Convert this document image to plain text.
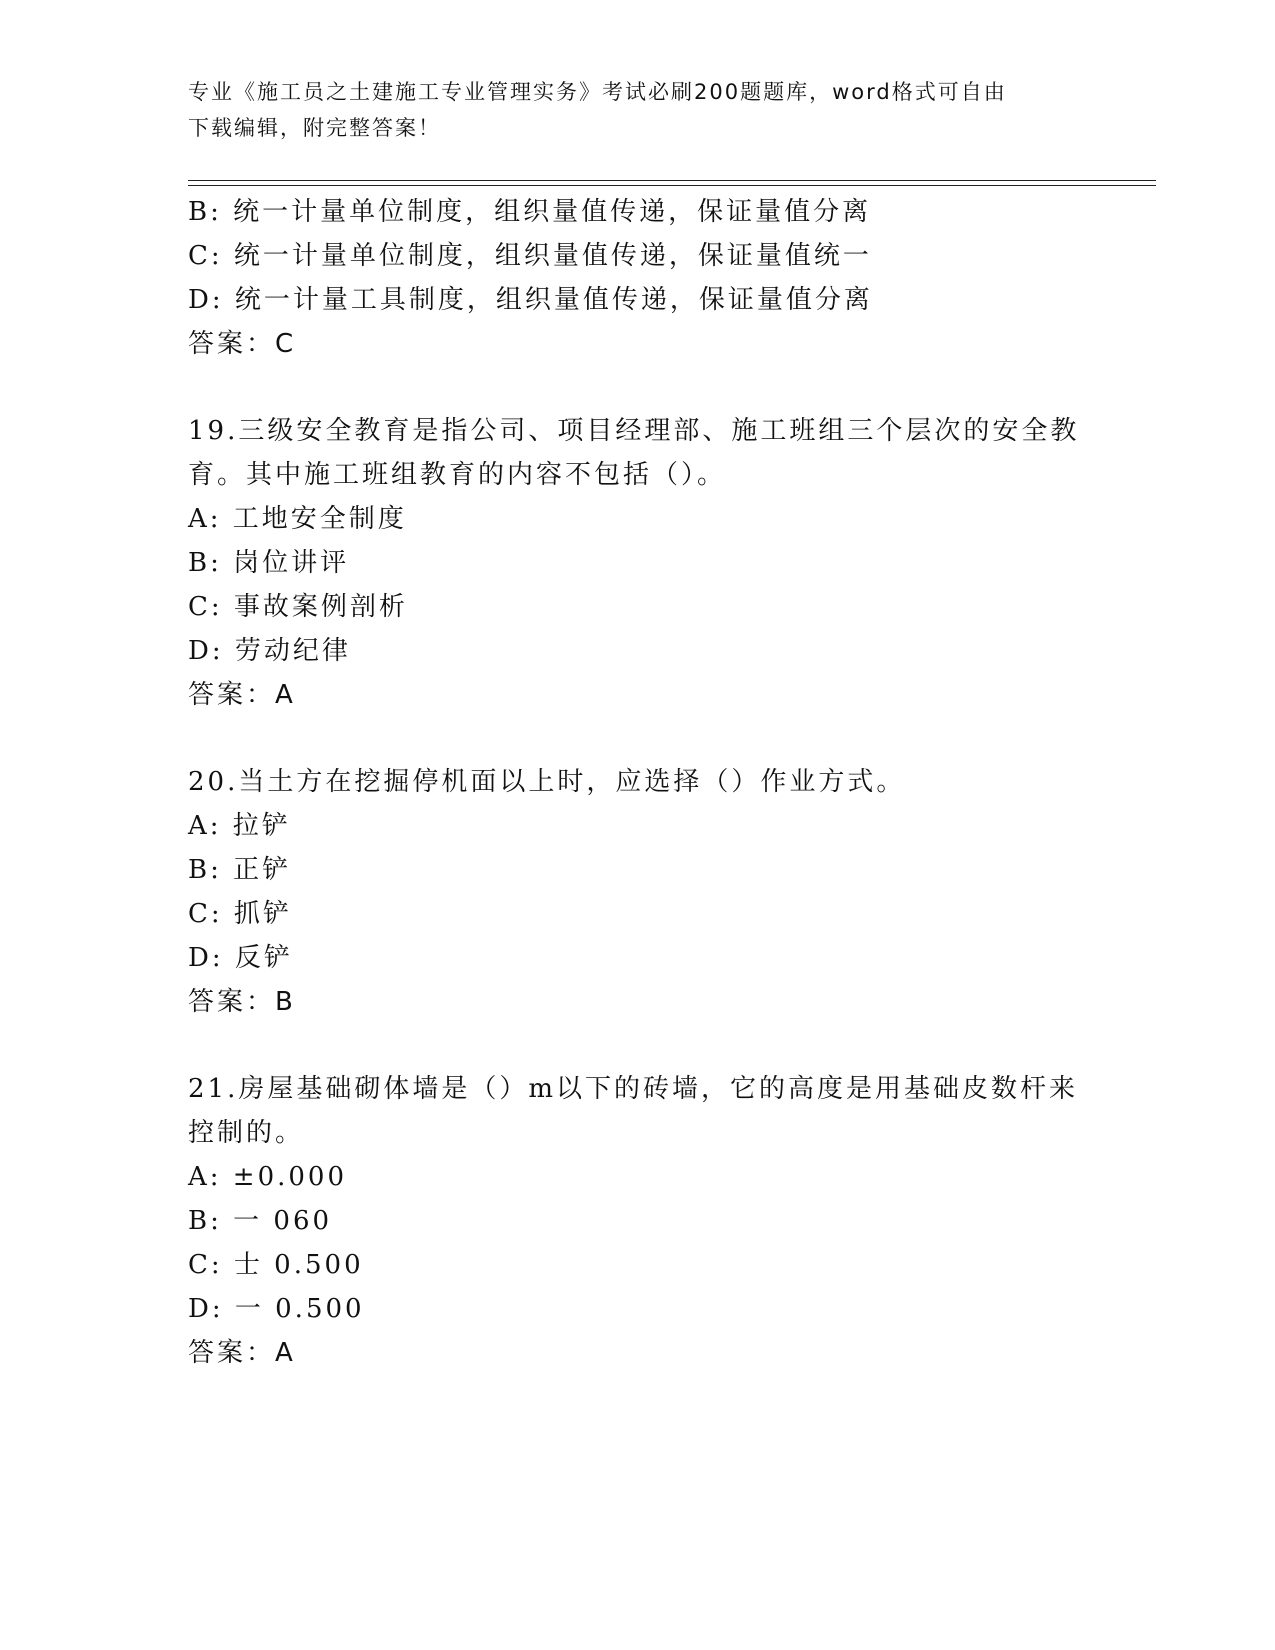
专业《施工员之土建施工专业管理实务》考试必刷200题题库，word格式可自由
下载编辑，附完整答案！
B: 统一计量单位制度，组织量值传递，保证量值分离
C: 统一计量单位制度，组织量值传递，保证量值统一
D: 统一计量工具制度，组织量值传递，保证量值分离
答案：C
19.三级安全教育是指公司、项目经理部、施工班组三个层次的安全教
育。其中施工班组教育的内容不包括（）。
A: 工地安全制度
B: 岗位讲评
C: 事故案例剖析
D: 劳动纪律
答案：A
20.当土方在挖掘停机面以上时，应选择（）作业方式。
A: 拉铲
B: 正铲
C: 抓铲
D: 反铲
答案：B
21.房屋基础砌体墙是（）m以下的砖墙，它的高度是用基础皮数杆来
控制的。
A: ±0.000
B: 一 060
C: 士 0.500
D: 一 0.500
答案：A
